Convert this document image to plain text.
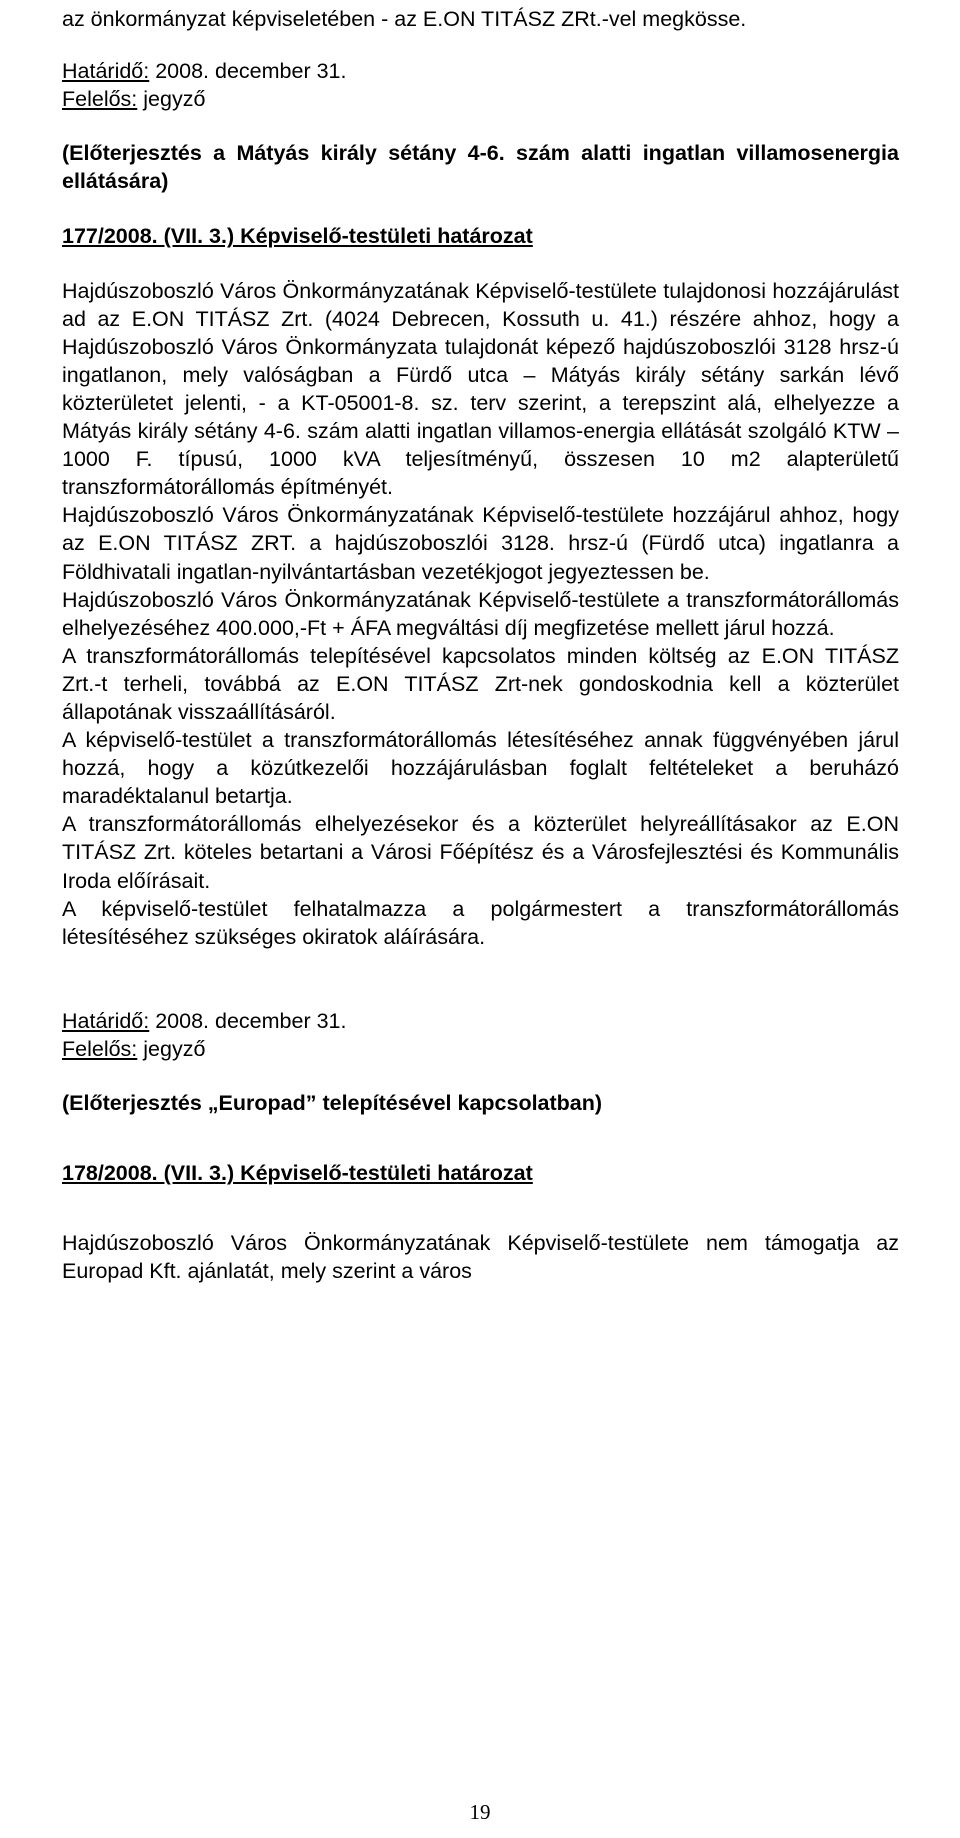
az önkormányzat képviseletében - az E.ON TITÁSZ ZRt.-vel megkösse.

Határidő: 2008. december 31.

Felelős: jegyző

(Előterjesztés a Mátyás király sétány 4-6. szám alatti ingatlan villamosenergia ellátására)

177/2008. (VII. 3.) Képviselő-testületi határozat

Hajdúszoboszló Város Önkormányzatának Képviselő-testülete tulajdonosi hozzájárulást ad az E.ON TITÁSZ Zrt. (4024 Debrecen, Kossuth u. 41.) részére ahhoz, hogy a Hajdúszoboszló Város Önkormányzata tulajdonát képező hajdúszoboszlói 3128 hrsz-ú ingatlanon, mely valóságban a Fürdő utca – Mátyás király sétány sarkán lévő közterületet jelenti, - a KT-05001-8. sz. terv szerint, a terepszint alá, elhelyezze a Mátyás király sétány 4-6. szám alatti ingatlan villamos-energia ellátását szolgáló KTW – 1000 F. típusú, 1000 kVA teljesítményű, összesen 10 m2 alapterületű transzformátorállomás építményét.

Hajdúszoboszló Város Önkormányzatának Képviselő-testülete hozzájárul ahhoz, hogy az E.ON TITÁSZ ZRT. a hajdúszoboszlói 3128. hrsz-ú (Fürdő utca) ingatlanra a Földhivatali ingatlan-nyilvántartásban vezetékjogot jegyeztessen be.

Hajdúszoboszló Város Önkormányzatának Képviselő-testülete a transzformátorállomás elhelyezéséhez 400.000,-Ft + ÁFA megváltási díj megfizetése mellett járul hozzá.

A transzformátorállomás telepítésével kapcsolatos minden költség az E.ON TITÁSZ Zrt.-t terheli, továbbá az E.ON TITÁSZ Zrt-nek gondoskodnia kell a közterület állapotának visszaállításáról.

A képviselő-testület a transzformátorállomás létesítéséhez annak függvényében járul hozzá, hogy a közútkezelői hozzájárulásban foglalt feltételeket a beruházó maradéktalanul betartja.

A transzformátorállomás elhelyezésekor és a közterület helyreállításakor az E.ON TITÁSZ Zrt. köteles betartani a Városi Főépítész és a Városfejlesztési és Kommunális Iroda előírásait.

A képviselő-testület felhatalmazza a polgármestert a transzformátorállomás létesítéséhez szükséges okiratok aláírására.

Határidő: 2008. december 31.

Felelős: jegyző

(Előterjesztés „Europad” telepítésével kapcsolatban)

178/2008. (VII. 3.) Képviselő-testületi határozat

Hajdúszoboszló Város Önkormányzatának Képviselő-testülete nem támogatja az Europad Kft. ajánlatát, mely szerint a város

19
